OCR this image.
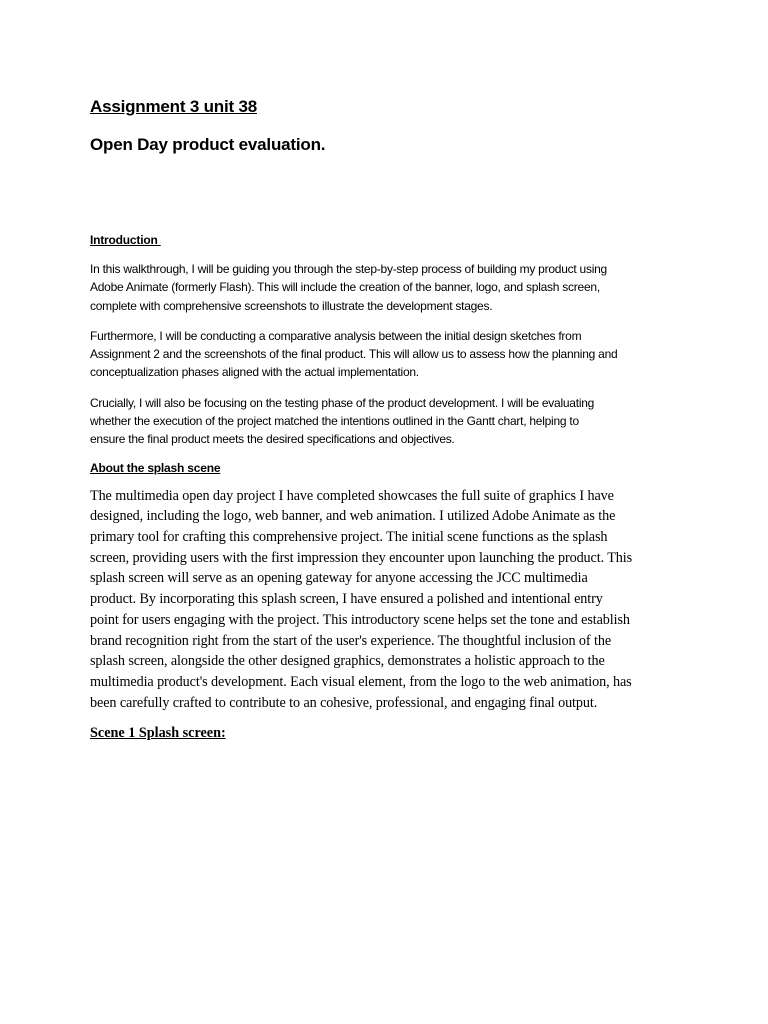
Assignment 3 unit 38
Open Day product evaluation.
Introduction

In this walkthrough, I will be guiding you through the step-by-step process of building my product using
Adobe Animate (formerly Flash). This will include the creation of the banner, logo, and splash screen,
complete with comprehensive screenshots to illustrate the development stages.

Furthermore, I will be conducting a comparative analysis between the initial design sketches from
Assignment 2 and the screenshots of the final product. This will allow us to assess how the planning and
conceptualization phases aligned with the actual implementation.

Crucially, I will also be focusing on the testing phase of the product development. I will be evaluating
whether the execution of the project matched the intentions outlined in the Gantt chart, helping to
ensure the final product meets the desired specifications and objectives.

About the splash scene

The multimedia open day project I have completed showcases the full suite of graphics I have
designed, including the logo, web banner, and web animation. I utilized Adobe Animate as the
primary tool for crafting this comprehensive project. The initial scene functions as the splash
screen, providing users with the first impression they encounter upon launching the product. This
splash screen will serve as an opening gateway for anyone accessing the JCC multimedia
product. By incorporating this splash screen, I have ensured a polished and intentional entry
point for users engaging with the project. This introductory scene helps set the tone and establish
brand recognition right from the start of the user's experience. The thoughtful inclusion of the
splash screen, alongside the other designed graphics, demonstrates a holistic approach to the
multimedia product's development. Each visual element, from the logo to the web animation, has
been carefully crafted to contribute to an cohesive, professional, and engaging final output.

Scene 1 Splash screen:
